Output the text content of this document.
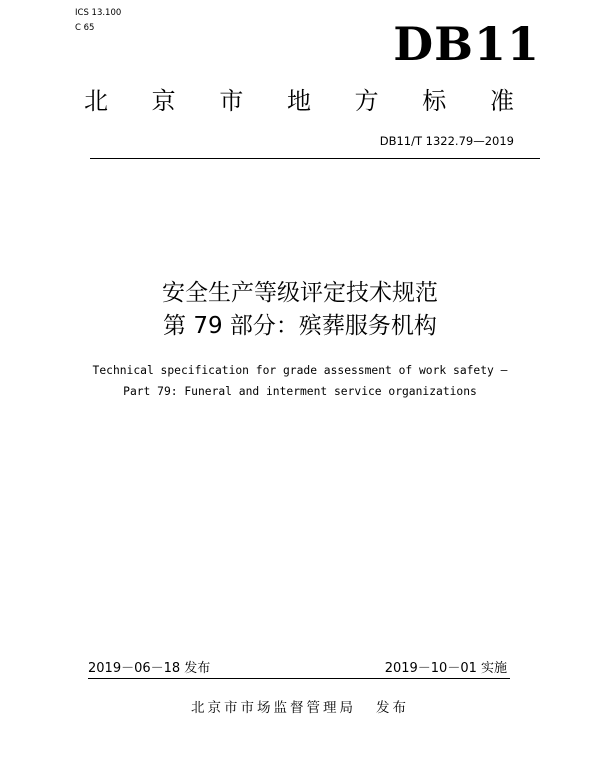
ICS 13.100
C 65	DB11
北 京 市 地 方 标 准
DB11/T 1322.79—2019
安全生产等级评定技术规范
第 79 部分：殡葬服务机构
Technical specification for grade assessment of work safety —
Part 79: Funeral and interment service organizations
2019－06－18 发布	2019－10－01 实施
北京市市场监督管理局 发布
